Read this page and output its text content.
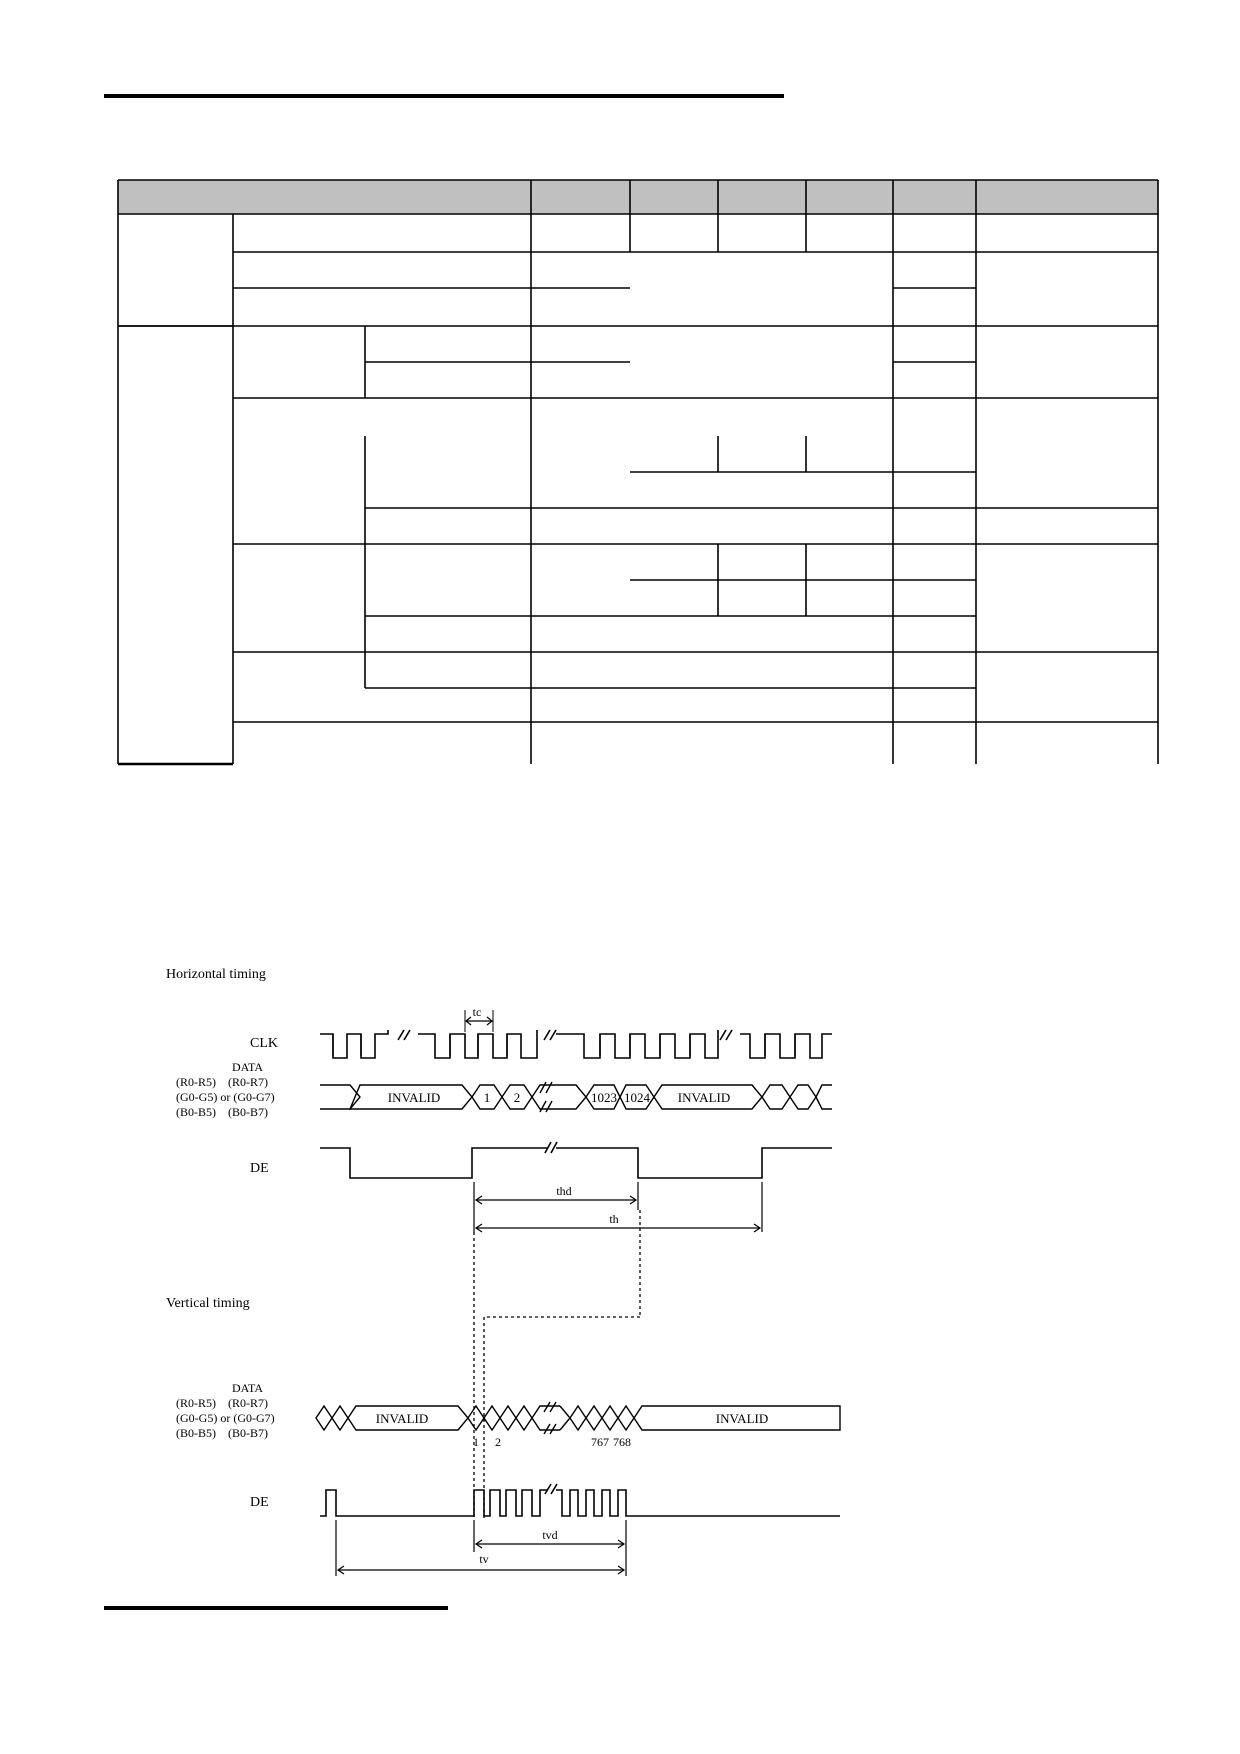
Horizontal timing
CLK
tc
DATA
(R0-R5)    (R0-R7)
(G0-G5) or (G0-G7)
(B0-B5)    (B0-B7)
INVALID	1 2	1023 1024 INVALID
DE
thd
th
Vertical timing
DATA
(R0-R5)    (R0-R7)
(G0-G5) or (G0-G7)
(B0-B5)    (B0-B7)
INVALID	INVALID
1 2	767 768
DE
tvd
tv
